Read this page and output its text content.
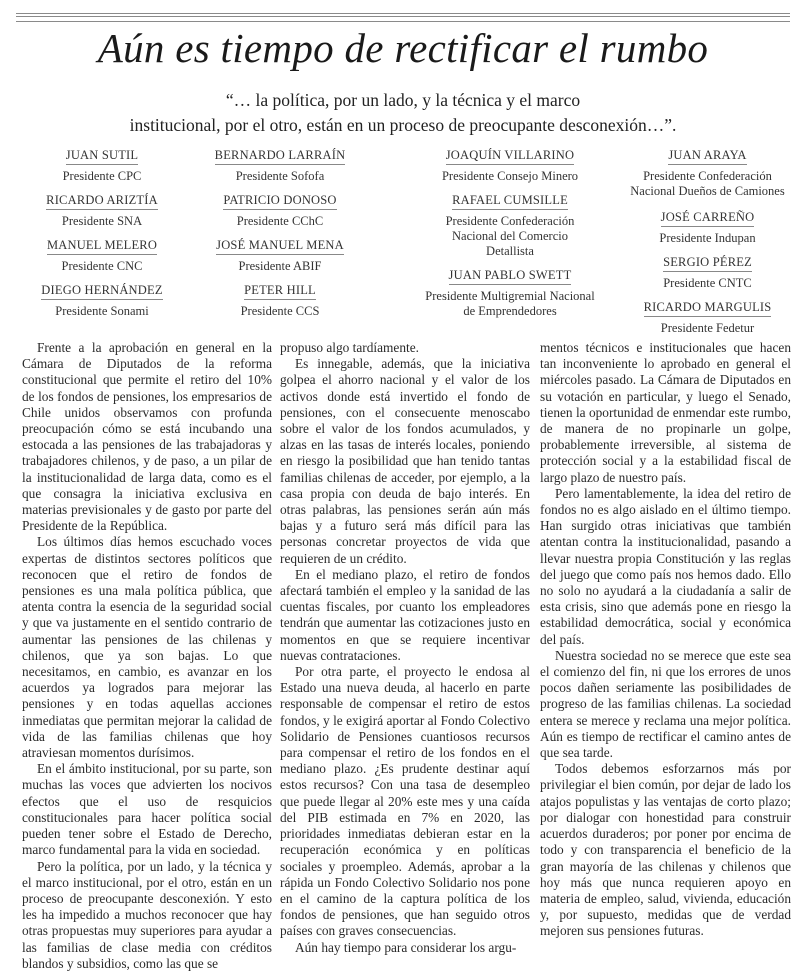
Aún es tiempo de rectificar el rumbo
“… la política, por un lado, y la técnica y el marco
institucional, por el otro, están en un proceso de preocupante desconexión…”.
JUAN SUTIL
Presidente CPC
RICARDO ARIZTÍA
Presidente SNA
MANUEL MELERO
Presidente CNC
DIEGO HERNÁNDEZ
Presidente Sonami
BERNARDO LARRAÍN
Presidente Sofofa
PATRICIO DONOSO
Presidente CChC
JOSÉ MANUEL MENA
Presidente ABIF
PETER HILL
Presidente CCS
JOAQUÍN VILLARINO
Presidente Consejo Minero
RAFAEL CUMSILLE
Presidente Confederación Nacional del Comercio Detallista
JUAN PABLO SWETT
Presidente Multigremial Nacional de Emprendedores
JUAN ARAYA
Presidente Confederación Nacional Dueños de Camiones
JOSÉ CARREÑO
Presidente Indupan
SERGIO PÉREZ
Presidente CNTC
RICARDO MARGULIS
Presidente Fedetur

Frente a la aprobación en general en la Cámara de Diputados de la reforma constitucional que permite el retiro del 10% de los fondos de pensiones, los empresarios de Chile unidos observamos con profunda preocupación cómo se está incubando una estocada a las pensiones de las trabajadoras y trabajadores chilenos, y de paso, a un pilar de la institucionalidad de larga data, como es el que consagra la iniciativa exclusiva en materias previsionales y de gasto por parte del Presidente de la República.

Los últimos días hemos escuchado voces expertas de distintos sectores políticos que reconocen que el retiro de fondos de pensiones es una mala política pública, que atenta contra la esencia de la seguridad social y que va justamente en el sentido contrario de aumentar las pensiones de las chilenas y chilenos, que ya son bajas. Lo que necesitamos, en cambio, es avanzar en los acuerdos ya logrados para mejorar las pensiones y en todas aquellas acciones inmediatas que permitan mejorar la calidad de vida de las familias chilenas que hoy atraviesan momentos durísimos.

En el ámbito institucional, por su parte, son muchas las voces que advierten los nocivos efectos que el uso de resquicios constitucionales para hacer política social pueden tener sobre el Estado de Derecho, marco fundamental para la vida en sociedad.

Pero la política, por un lado, y la técnica y el marco institucional, por el otro, están en un proceso de preocupante desconexión. Y esto les ha impedido a muchos reconocer que hay otras propuestas muy superiores para ayudar a las familias de clase media con créditos blandos y subsidios, como las que se

propuso algo tardíamente.

Es innegable, además, que la iniciativa golpea el ahorro nacional y el valor de los activos donde está invertido el fondo de pensiones, con el consecuente menoscabo sobre el valor de los fondos acumulados, y alzas en las tasas de interés locales, poniendo en riesgo la posibilidad que han tenido tantas familias chilenas de acceder, por ejemplo, a la casa propia con deuda de bajo interés. En otras palabras, las pensiones serán aún más bajas y a futuro será más difícil para las personas concretar proyectos de vida que requieren de un crédito.

En el mediano plazo, el retiro de fondos afectará también el empleo y la sanidad de las cuentas fiscales, por cuanto los empleadores tendrán que aumentar las cotizaciones justo en momentos en que se requiere incentivar nuevas contrataciones.

Por otra parte, el proyecto le endosa al Estado una nueva deuda, al hacerlo en parte responsable de compensar el retiro de estos fondos, y le exigirá aportar al Fondo Colectivo Solidario de Pensiones cuantiosos recursos para compensar el retiro de los fondos en el mediano plazo. ¿Es prudente destinar aquí estos recursos? Con una tasa de desempleo que puede llegar al 20% este mes y una caída del PIB estimada en 7% en 2020, las prioridades inmediatas debieran estar en la recuperación económica y en políticas sociales y proempleo. Además, aprobar a la rápida un Fondo Colectivo Solidario nos pone en el camino de la captura política de los fondos de pensiones, que han seguido otros países con graves consecuencias.

Aún hay tiempo para considerar los argu-

mentos técnicos e institucionales que hacen tan inconveniente lo aprobado en general el miércoles pasado. La Cámara de Diputados en su votación en particular, y luego el Senado, tienen la oportunidad de enmendar este rumbo, de manera de no propinarle un golpe, probablemente irreversible, al sistema de protección social y a la estabilidad fiscal de largo plazo de nuestro país.

Pero lamentablemente, la idea del retiro de fondos no es algo aislado en el último tiempo. Han surgido otras iniciativas que también atentan contra la institucionalidad, pasando a llevar nuestra propia Constitución y las reglas del juego que como país nos hemos dado. Ello no solo no ayudará a la ciudadanía a salir de esta crisis, sino que además pone en riesgo la estabilidad democrática, social y económica del país.

Nuestra sociedad no se merece que este sea el comienzo del fin, ni que los errores de unos pocos dañen seriamente las posibilidades de progreso de las familias chilenas. La sociedad entera se merece y reclama una mejor política. Aún es tiempo de rectificar el camino antes de que sea tarde.

Todos debemos esforzarnos más por privilegiar el bien común, por dejar de lado los atajos populistas y las ventajas de corto plazo; por dialogar con honestidad para construir acuerdos duraderos; por poner por encima de todo y con transparencia el beneficio de la gran mayoría de las chilenas y chilenos que hoy más que nunca requieren apoyo en materia de empleo, salud, vivienda, educación y, por supuesto, medidas que de verdad mejoren sus pensiones futuras.
